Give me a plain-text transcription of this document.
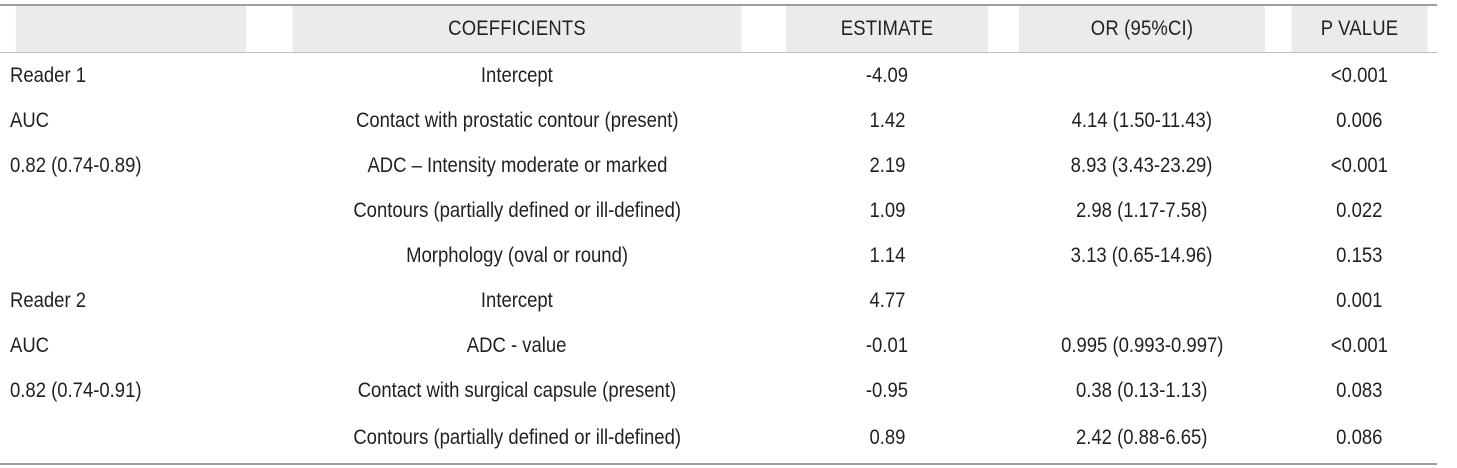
	COEFFICIENTS	ESTIMATE	OR (95%CI)	P VALUE
Reader 1	Intercept	-4.09		<0.001
AUC	Contact with prostatic contour (present)	1.42	4.14 (1.50-11.43)	0.006
0.82 (0.74-0.89)	ADC – Intensity moderate or marked	2.19	8.93 (3.43-23.29)	<0.001
	Contours (partially defined or ill-defined)	1.09	2.98 (1.17-7.58)	0.022
	Morphology (oval or round)	1.14	3.13 (0.65-14.96)	0.153
Reader 2	Intercept	4.77		0.001
AUC	ADC - value	-0.01	0.995 (0.993-0.997)	<0.001
0.82 (0.74-0.91)	Contact with surgical capsule (present)	-0.95	0.38 (0.13-1.13)	0.083
	Contours (partially defined or ill-defined)	0.89	2.42 (0.88-6.65)	0.086
